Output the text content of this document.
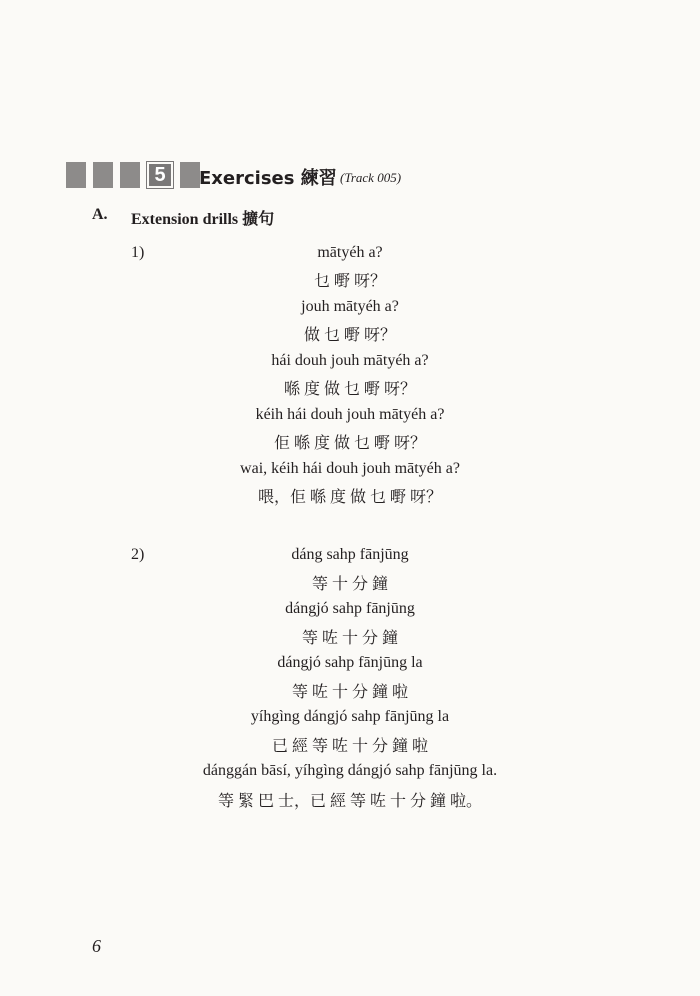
5	Exercises 練習 (Track 005)
A. Extension drills 擴句
1)	mātyéh a?
乜 嘢 呀？
jouh mātyéh a?
做 乜 嘢 呀？
hái douh jouh mātyéh a?
喺 度 做 乜 嘢 呀？
kéih hái douh jouh mātyéh a?
佢 喺 度 做 乜 嘢 呀？
wai, kéih hái douh jouh mātyéh a?
喂，佢 喺 度 做 乜 嘢 呀？
2)	dáng sahp fānjūng
等 十 分 鐘
dángjó sahp fānjūng
等 咗 十 分 鐘
dángjó sahp fānjūng la
等 咗 十 分 鐘 啦
yíhgìng dángjó sahp fānjūng la
已 經 等 咗 十 分 鐘 啦
dánggán bāsí, yíhgìng dángjó sahp fānjūng la.
等 緊 巴 士，已 經 等 咗 十 分 鐘 啦。
6
